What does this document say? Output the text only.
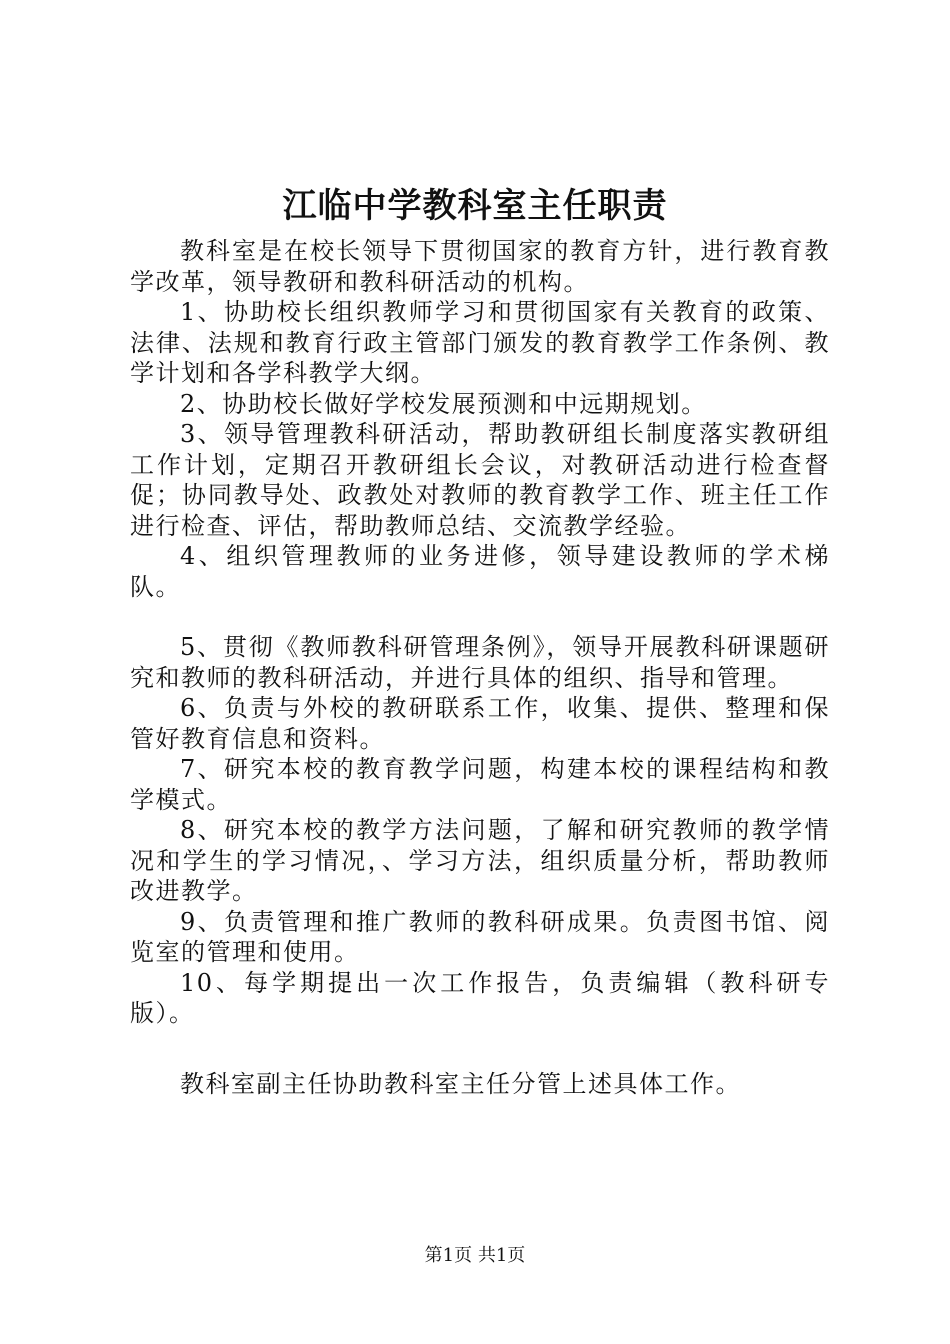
江临中学教科室主任职责

教科室是在校长领导下贯彻国家的教育方针，进行教育教学改革，领导教研和教科研活动的机构。

1、协助校长组织教师学习和贯彻国家有关教育的政策、法律、法规和教育行政主管部门颁发的教育教学工作条例、教学计划和各学科教学大纲。

2、协助校长做好学校发展预测和中远期规划。

3、领导管理教科研活动，帮助教研组长制度落实教研组工作计划，定期召开教研组长会议，对教研活动进行检查督促；协同教导处、政教处对教师的教育教学工作、班主任工作进行检查、评估，帮助教师总结、交流教学经验。

4、组织管理教师的业务进修，领导建设教师的学术梯队。

5、贯彻《教师教科研管理条例》，领导开展教科研课题研究和教师的教科研活动，并进行具体的组织、指导和管理。

6、负责与外校的教研联系工作，收集、提供、整理和保管好教育信息和资料。

7、研究本校的教育教学问题，构建本校的课程结构和教学模式。

8、研究本校的教学方法问题，了解和研究教师的教学情况和学生的学习情况，、学习方法，组织质量分析，帮助教师改进教学。

9、负责管理和推广教师的教科研成果。负责图书馆、阅览室的管理和使用。

10、每学期提出一次工作报告，负责编辑（教科研专版）。

教科室副主任协助教科室主任分管上述具体工作。

第1页 共1页
